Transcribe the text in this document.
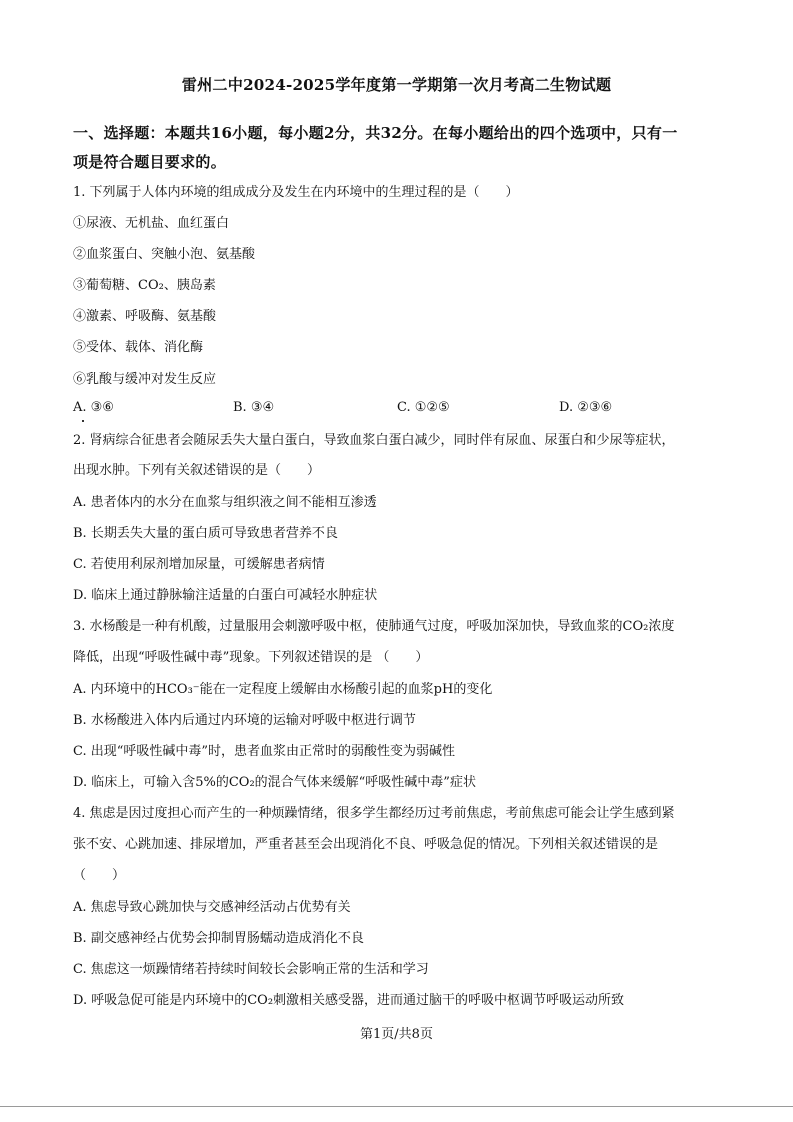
雷州二中2024-2025学年度第一学期第一次月考高二生物试题
一、选择题：本题共16小题，每小题2分，共32分。在每小题给出的四个选项中，只有一
项是符合题目要求的。
1. 下列属于人体内环境的组成成分及发生在内环境中的生理过程的是（　　）
①尿液、无机盐、血红蛋白
②血浆蛋白、突触小泡、氨基酸
③葡萄糖、CO₂、胰岛素
④激素、呼吸酶、氨基酸
⑤受体、载体、消化酶
⑥乳酸与缓冲对发生反应
A. ③⑥	B. ③④	C. ①②⑤	D. ②③⑥
2. 肾病综合征患者会随尿丢失大量白蛋白，导致血浆白蛋白减少，同时伴有尿血、尿蛋白和少尿等症状，
出现水肿。下列有关叙述错误的是（　　）
A. 患者体内的水分在血浆与组织液之间不能相互渗透
B. 长期丢失大量的蛋白质可导致患者营养不良
C. 若使用利尿剂增加尿量，可缓解患者病情
D. 临床上通过静脉输注适量的白蛋白可减轻水肿症状
3. 水杨酸是一种有机酸，过量服用会刺激呼吸中枢，使肺通气过度，呼吸加深加快，导致血浆的CO₂浓度
降低，出现“呼吸性碱中毒”现象。下列叙述错误的是 （　　）
A. 内环境中的HCO₃⁻能在一定程度上缓解由水杨酸引起的血浆pH的变化
B. 水杨酸进入体内后通过内环境的运输对呼吸中枢进行调节
C. 出现“呼吸性碱中毒”时，患者血浆由正常时的弱酸性变为弱碱性
D. 临床上，可输入含5%的CO₂的混合气体来缓解“呼吸性碱中毒”症状
4. 焦虑是因过度担心而产生的一种烦躁情绪，很多学生都经历过考前焦虑，考前焦虑可能会让学生感到紧
张不安、心跳加速、排尿增加，严重者甚至会出现消化不良、呼吸急促的情况。下列相关叙述错误的是
（　　）
A. 焦虑导致心跳加快与交感神经活动占优势有关
B. 副交感神经占优势会抑制胃肠蠕动造成消化不良
C. 焦虑这一烦躁情绪若持续时间较长会影响正常的生活和学习
D. 呼吸急促可能是内环境中的CO₂刺激相关感受器，进而通过脑干的呼吸中枢调节呼吸运动所致
第1页/共8页
